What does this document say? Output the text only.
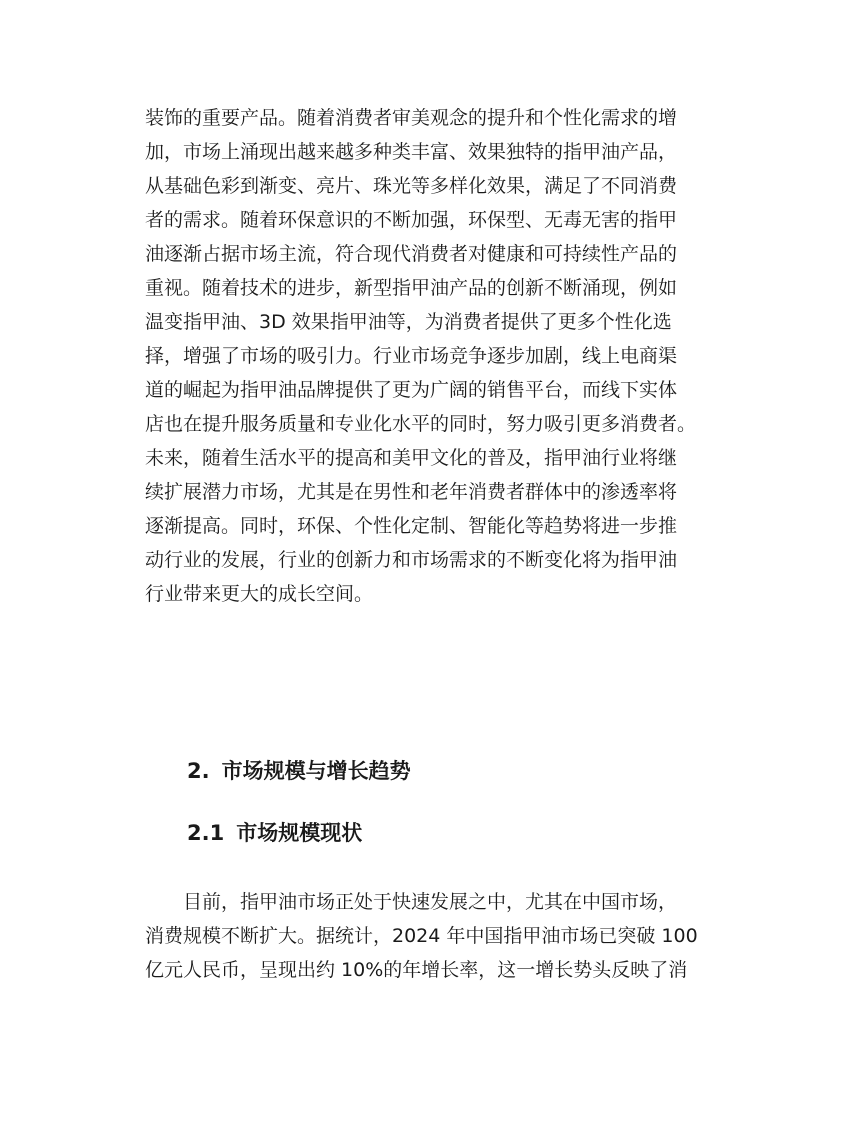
装饰的重要产品。随着消费者审美观念的提升和个性化需求的增
加，市场上涌现出越来越多种类丰富、效果独特的指甲油产品，
从基础色彩到渐变、亮片、珠光等多样化效果，满足了不同消费
者的需求。随着环保意识的不断加强，环保型、无毒无害的指甲
油逐渐占据市场主流，符合现代消费者对健康和可持续性产品的
重视。随着技术的进步，新型指甲油产品的创新不断涌现，例如
温变指甲油、3D 效果指甲油等，为消费者提供了更多个性化选
择，增强了市场的吸引力。行业市场竞争逐步加剧，线上电商渠
道的崛起为指甲油品牌提供了更为广阔的销售平台，而线下实体
店也在提升服务质量和专业化水平的同时，努力吸引更多消费者。
未来，随着生活水平的提高和美甲文化的普及，指甲油行业将继
续扩展潜力市场，尤其是在男性和老年消费者群体中的渗透率将
逐渐提高。同时，环保、个性化定制、智能化等趋势将进一步推
动行业的发展，行业的创新力和市场需求的不断变化将为指甲油
行业带来更大的成长空间。

2. 市场规模与增长趋势
2.1 市场规模现状

　　目前，指甲油市场正处于快速发展之中，尤其在中国市场，
消费规模不断扩大。据统计，2024 年中国指甲油市场已突破 100
亿元人民币，呈现出约 10%的年增长率，这一增长势头反映了消
